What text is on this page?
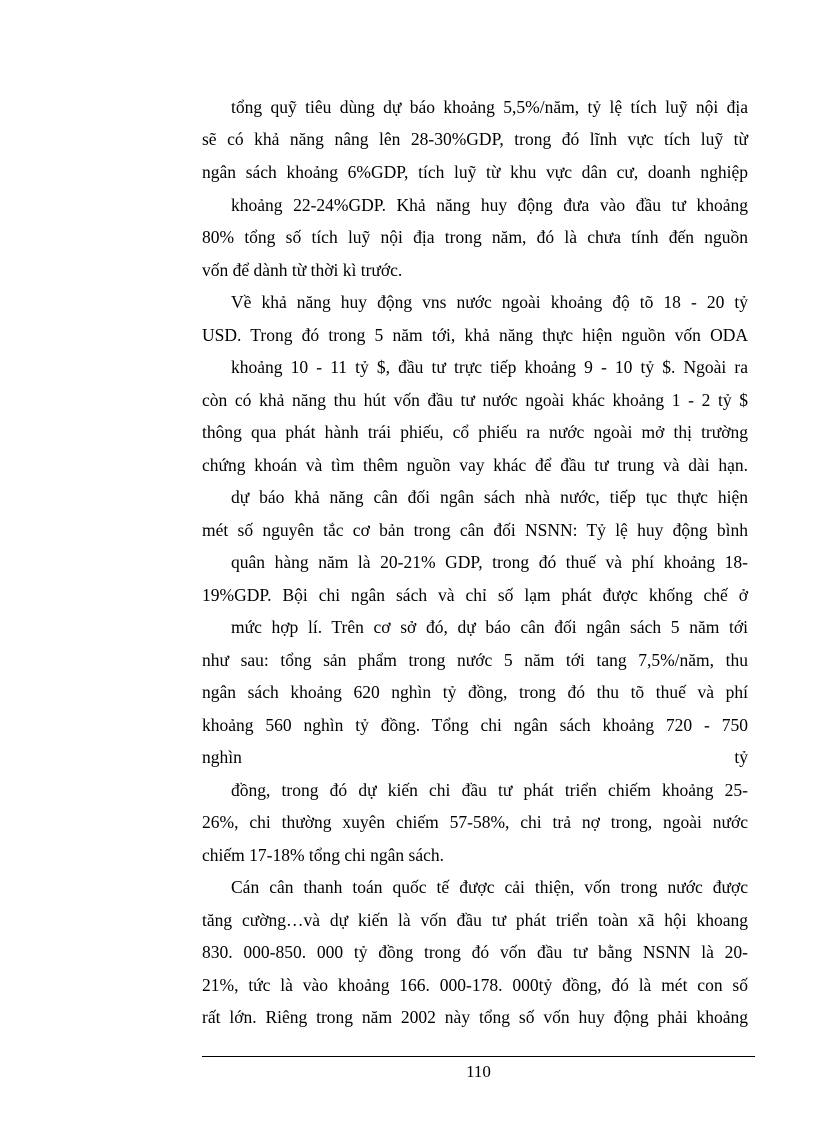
tổng quỹ tiêu dùng dự báo khoảng 5,5%/năm, tỷ lệ tích luỹ nội địa
sẽ có khả năng nâng lên 28-30%GDP, trong đó lĩnh vực tích luỹ từ
ngân sách khoảng 6%GDP, tích luỹ từ khu vực dân cư, doanh nghiệp
khoảng 22-24%GDP. Khả năng huy động đưa vào đầu tư khoảng
80% tổng số tích luỹ nội địa trong năm, đó là chưa tính đến nguồn
vốn để dành từ thời kì trước.
Về khả năng huy động vns nước ngoài khoảng độ tõ 18 - 20 tỷ
USD. Trong đó trong 5 năm tới, khả năng thực hiện nguồn vốn ODA
khoảng 10 - 11 tỷ $, đầu tư trực tiếp khoảng 9 - 10 tỷ $. Ngoài ra
còn có khả năng thu hút vốn đầu tư nước ngoài khác khoảng 1 - 2 tỷ $
thông qua phát hành trái phiếu, cổ phiếu ra nước ngoài mở thị trường
chứng khoán và tìm thêm nguồn vay khác để đầu tư trung và dài hạn.
dự báo khả năng cân đối ngân sách nhà nước, tiếp tục thực hiện
mét số nguyên tắc cơ bản trong cân đối NSNN: Tỷ lệ huy động bình
quân hàng năm là 20-21% GDP, trong đó thuế và phí khoảng 18-
19%GDP. Bội chi ngân sách và chỉ số lạm phát được khống chế ở
mức hợp lí. Trên cơ sở đó, dự báo cân đối ngân sách 5 năm tới
như sau: tổng sản phẩm trong nước 5 năm tới tang 7,5%/năm, thu
ngân sách khoảng 620 nghìn tỷ đồng, trong đó thu tõ thuế và phí
khoảng 560 nghìn tỷ đồng. Tổng chi ngân sách khoảng 720 - 750
nghìn tỷ
đồng, trong đó dự kiến chi đầu tư phát triển chiếm khoảng 25-
26%, chi thường xuyên chiếm 57-58%, chi trả nợ trong, ngoài nước
chiếm 17-18% tổng chi ngân sách.
Cán cân thanh toán quốc tế được cải thiện, vốn trong nước được
tăng cường…và dự kiến là vốn đầu tư phát triển toàn xã hội khoang
830. 000-850. 000 tỷ đồng trong đó vốn đầu tư bằng NSNN là 20-
21%, tức là vào khoảng 166. 000-178. 000tỷ đồng, đó là mét con số
rất lớn. Riêng trong năm 2002 này tổng số vốn huy động phải khoảng
110
